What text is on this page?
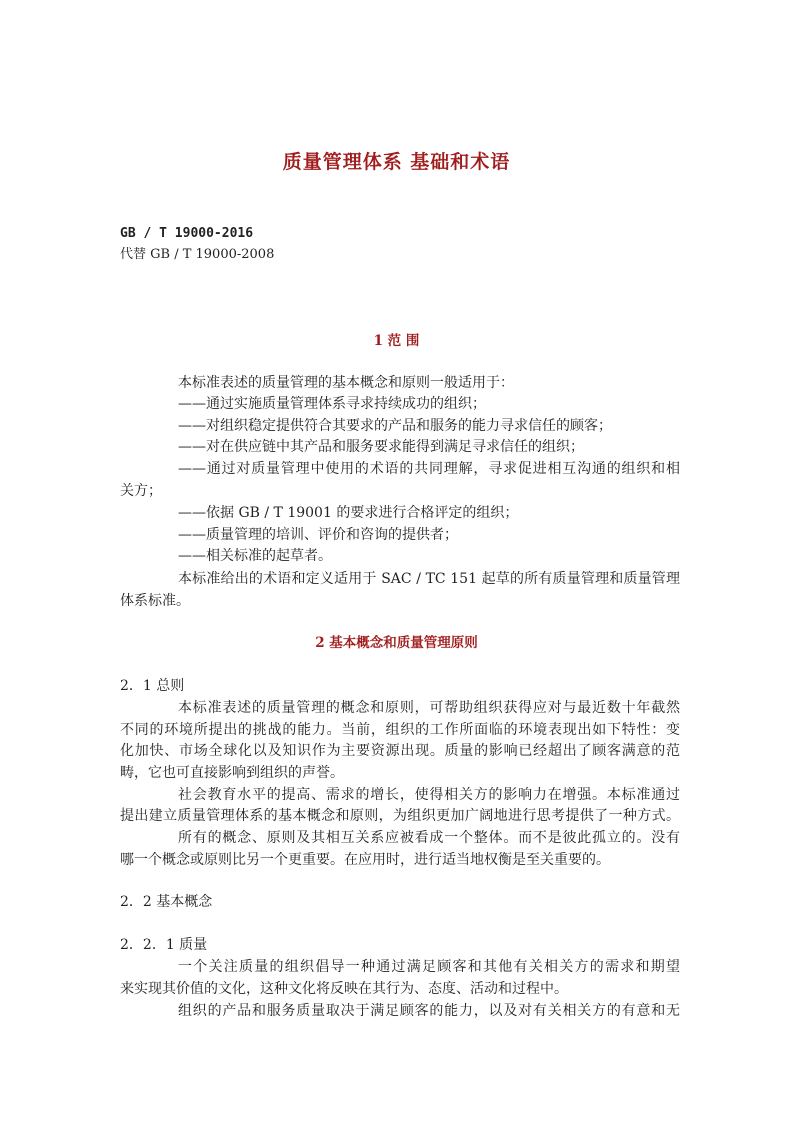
质量管理体系 基础和术语
GB / T 19000-2016
代替 GB / T 19000-2008
1 范 围
本标准表述的质量管理的基本概念和原则一般适用于：
——通过实施质量管理体系寻求持续成功的组织；
——对组织稳定提供符合其要求的产品和服务的能力寻求信任的顾客；
——对在供应链中其产品和服务要求能得到满足寻求信任的组织；
——通过对质量管理中使用的术语的共同理解，寻求促进相互沟通的组织和相
关方；
——依据 GB / T 19001 的要求进行合格评定的组织；
——质量管理的培训、评价和咨询的提供者；
——相关标准的起草者。
本标准给出的术语和定义适用于 SAC / TC 151 起草的所有质量管理和质量管理
体系标准。
2 基本概念和质量管理原则
2．1 总则
本标准表述的质量管理的概念和原则，可帮助组织获得应对与最近数十年截然
不同的环境所提出的挑战的能力。当前，组织的工作所面临的环境表现出如下特性：变
化加快、市场全球化以及知识作为主要资源出现。质量的影响已经超出了顾客满意的范
畴，它也可直接影响到组织的声誉。
社会教育水平的提高、需求的增长，使得相关方的影响力在增强。本标准通过
提出建立质量管理体系的基本概念和原则，为组织更加广阔地进行思考提供了一种方式。
所有的概念、原则及其相互关系应被看成一个整体。而不是彼此孤立的。没有
哪一个概念或原则比另一个更重要。在应用时，进行适当地权衡是至关重要的。
2．2 基本概念
2．2．1 质量
一个关注质量的组织倡导一种通过满足顾客和其他有关相关方的需求和期望
来实现其价值的文化，这种文化将反映在其行为、态度、活动和过程中。
组织的产品和服务质量取决于满足顾客的能力，以及对有关相关方的有意和无
